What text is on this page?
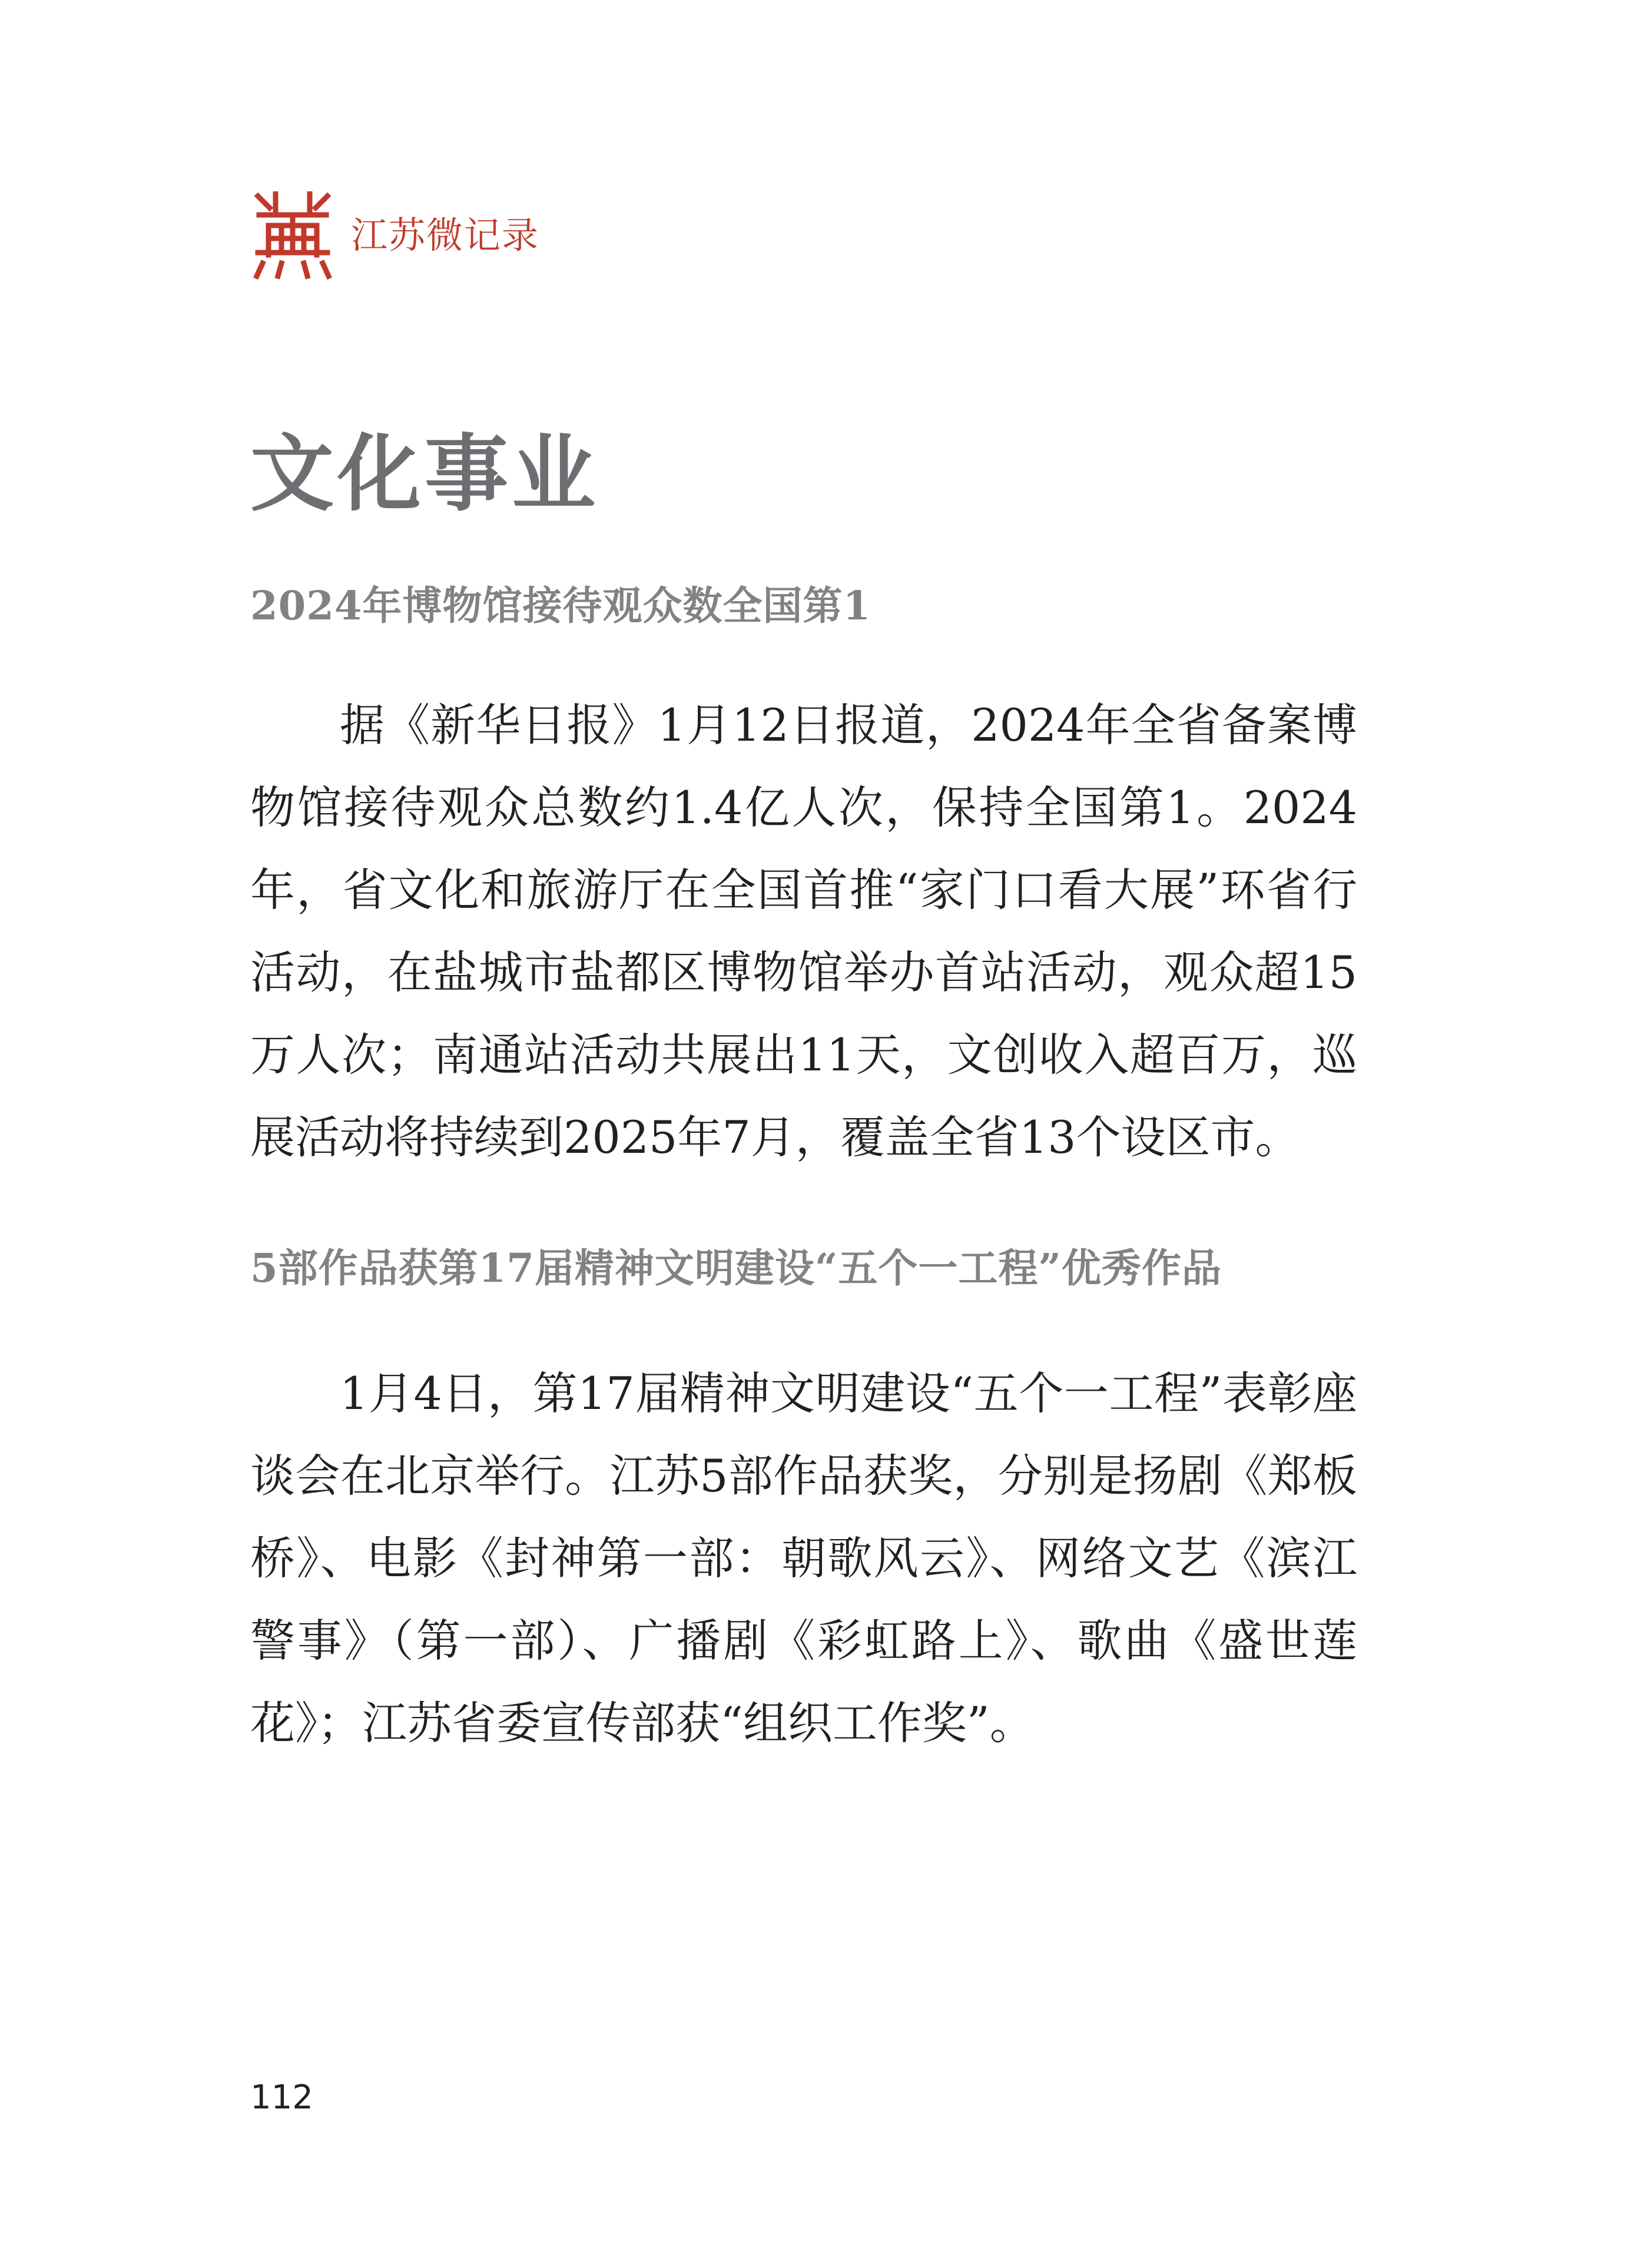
江苏微记录
文化事业
2024年博物馆接待观众数全国第1

据《新华日报》1月12日报道，2024年全省备案博物馆接待观众总数约1.4亿人次，保持全国第1。2024年，省文化和旅游厅在全国首推“家门口看大展”环省行活动，在盐城市盐都区博物馆举办首站活动，观众超15万人次；南通站活动共展出11天，文创收入超百万，巡展活动将持续到2025年7月，覆盖全省13个设区市。

5部作品获第17届精神文明建设“五个一工程”优秀作品

1月4日，第17届精神文明建设“五个一工程”表彰座谈会在北京举行。江苏5部作品获奖，分别是扬剧《郑板桥》、电影《封神第一部：朝歌风云》、网络文艺《滨江警事》（第一部）、广播剧《彩虹路上》、歌曲《盛世莲花》；江苏省委宣传部获“组织工作奖”。

112
